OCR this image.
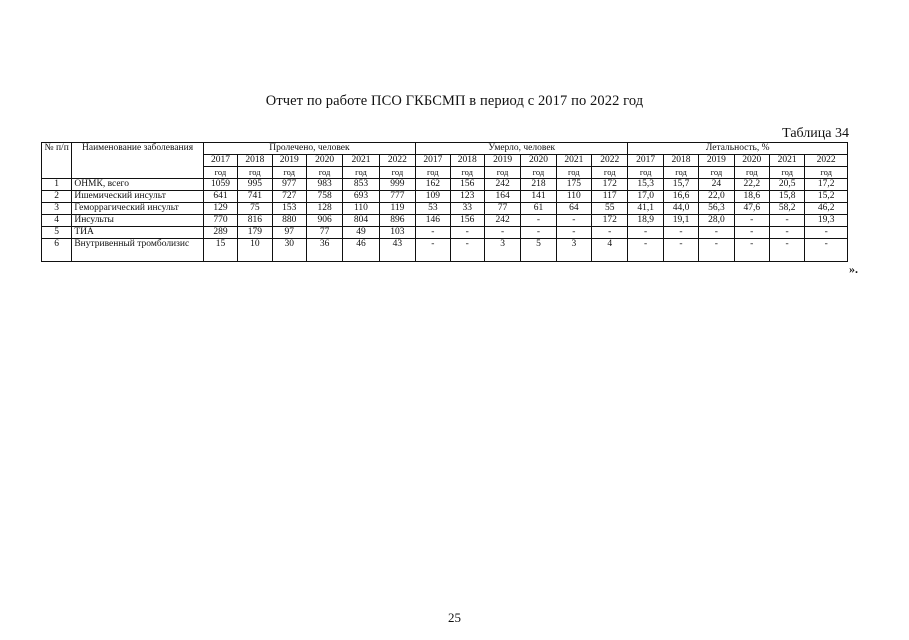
Отчет по работе ПСО ГКБСМП в период с 2017 по 2022 год
Таблица 34
№ п/п	Наименование заболевания	Пролечено, человек						Умерло, человек						Летальность, %					
		2017	2018	2019	2020	2021	2022	2017	2018	2019	2020	2021	2022	2017	2018	2019	2020	2021	2022
		год	год	год	год	год	год	год	год	год	год	год	год	год	год	год	год	год	год
1	ОНМК, всего	1059	995	977	983	853	999	162	156	242	218	175	172	15,3	15,7	24	22,2	20,5	17,2
2	Ишемический инсульт	641	741	727	758	693	777	109	123	164	141	110	117	17,0	16,6	22,0	18,6	15,8	15,2
3	Геморрагический инсульт	129	75	153	128	110	119	53	33	77	61	64	55	41,1	44,0	56,3	47,6	58,2	46,2
4	Инсульты	770	816	880	906	804	896	146	156	242	-	-	172	18,9	19,1	28,0	-	-	19,3
5	ТИА	289	179	97	77	49	103	-	-	-	-	-	-	-	-	-	-	-	-
6	Внутривенный тромболизис	15	10	30	36	46	43	-	-	3	5	3	4	-	-	-	-	-	-
».
25
